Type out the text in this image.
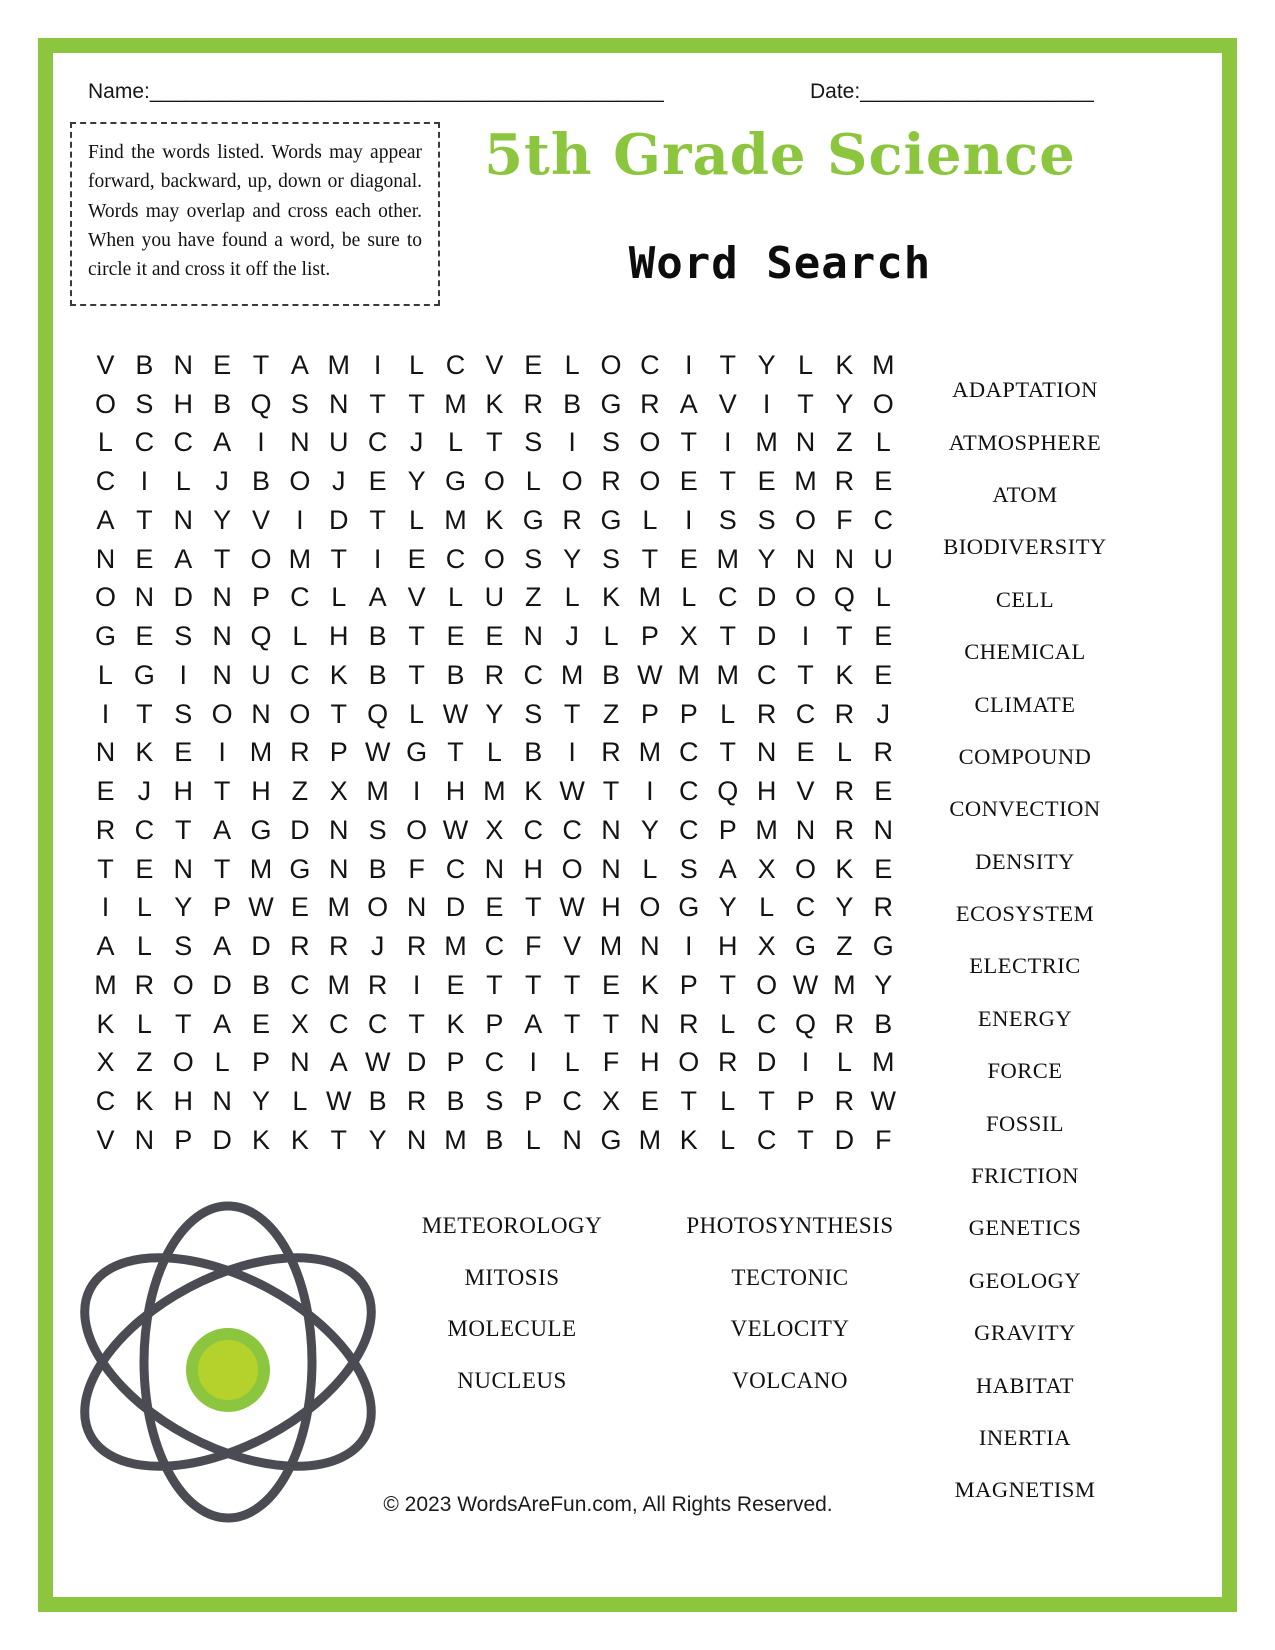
Name:____________________________________________	Date:____________________
Find the words listed. Words may appear forward, backward, up, down or diagonal. Words may overlap and cross each other. When you have found a word, be sure to circle it and cross it off the list.
5th Grade Science
Word Search
V B N E T A M I	L C V E L O C I T Y L K M
O S H B Q S N T T M K R B G R A V I T Y O
L C C A I N U C J L T S I S O T I M N Z L
C I	L J B O J E Y G O L O R O E T E M R E
A T N Y V I D T L M K G R G L	I S S O F C
N E A T O M T I E C O S Y S T E M Y N N U
O N D N P C L A V L U Z L K M L C D O Q L
G E S N Q L H B T E E N J L P X T D I T E
L G I N U C K B T B R C M B W M M C T K E
I T S O N O T Q L W Y S T Z P P L R C R J
N K E I M R P W G T L B I R M C T N E L R
E J H T H Z X M I H M K W T I C Q H V R E
R C T A G D N S O W X C C N Y C P M N R N
T E N T M G N B F C N H O N L S A X O K E
I	L Y P W E M O N D E T W H O G Y L C Y R
A L S A D R R J R M C F V M N I H X G Z G
M R O D B C M R I E T T T E K P T O W M Y
K L T A E X C C T K P A T T N R L C Q R B
X Z O L P N A W D P C I	L F H O R D I	L M
C K H N Y L W B R B S P C X E T L T P R W
V N P D K K T Y N M B L N G M K L C T D F
ADAPTATION
ATMOSPHERE
ATOM
BIODIVERSITY
CELL
CHEMICAL
CLIMATE
COMPOUND
CONVECTION
DENSITY
ECOSYSTEM
ELECTRIC
ENERGY
FORCE
FOSSIL
FRICTION
GENETICS
GEOLOGY
GRAVITY
HABITAT
INERTIA
MAGNETISM
METEOROLOGY
MITOSIS
MOLECULE
NUCLEUS
PHOTOSYNTHESIS
TECTONIC
VELOCITY
VOLCANO
© 2023 WordsAreFun.com, All Rights Reserved.
